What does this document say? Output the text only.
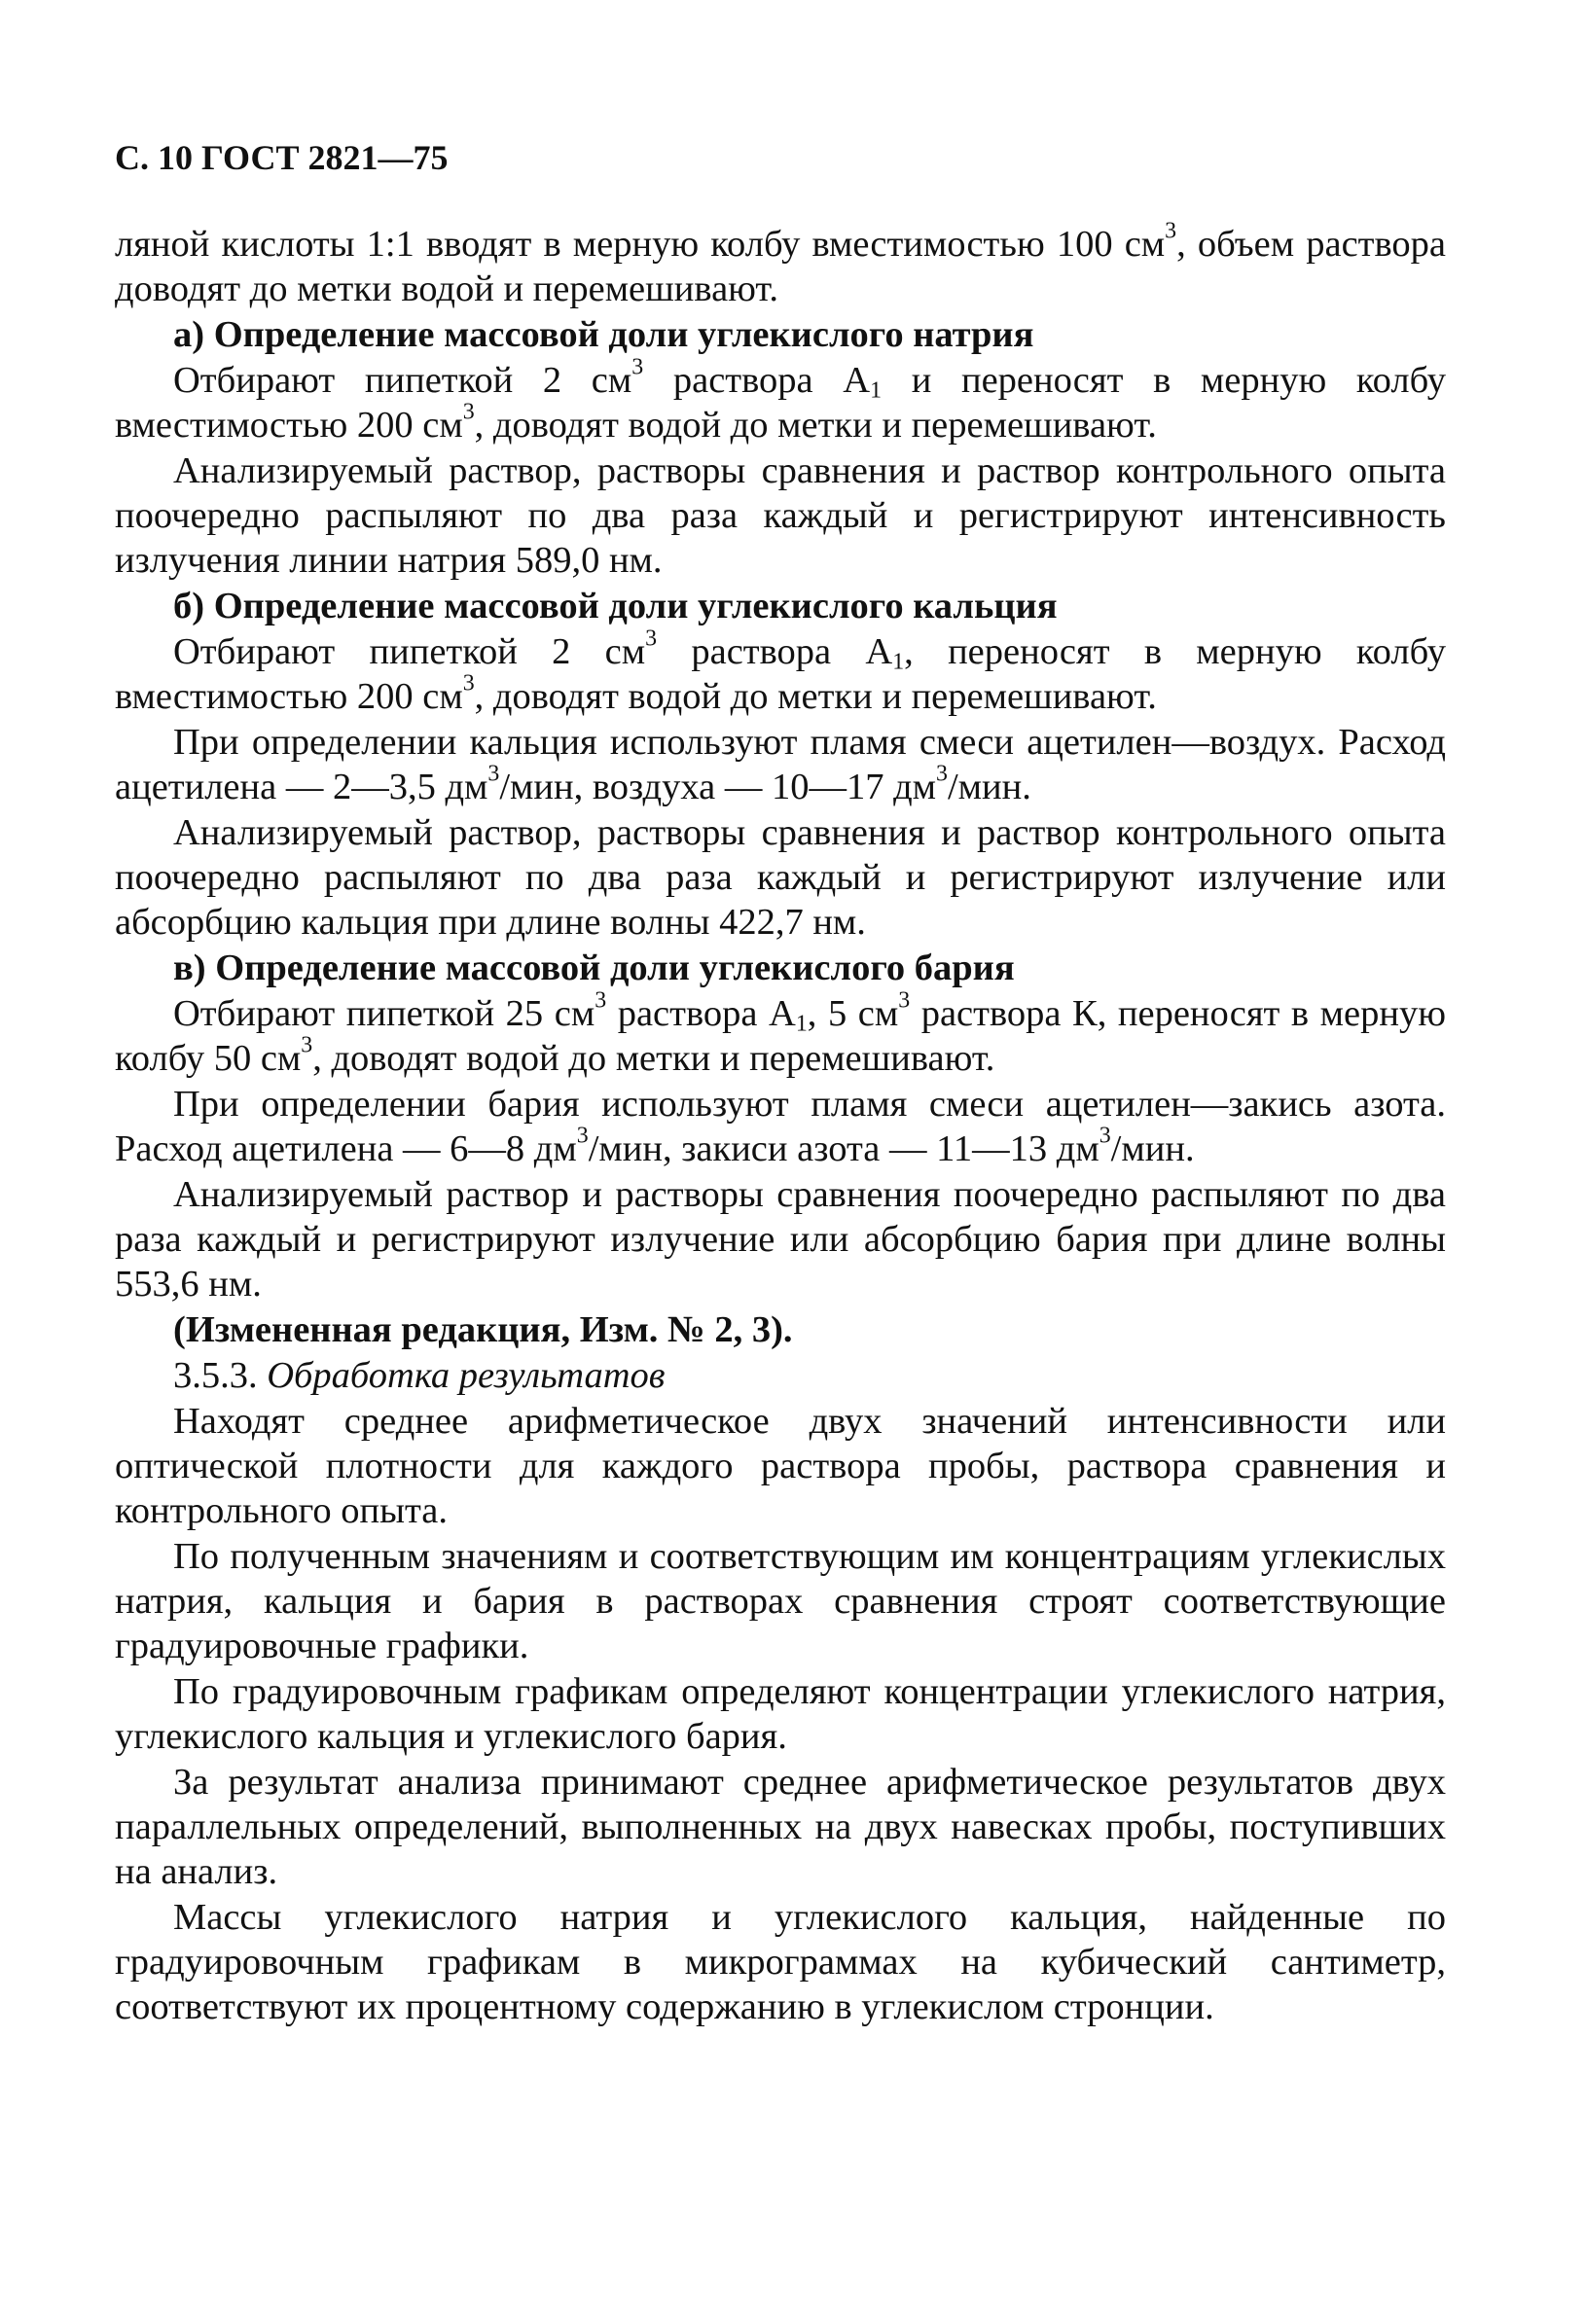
С. 10 ГОСТ 2821—75

ляной кислоты 1:1 вводят в мерную колбу вместимостью 100 $см^3$, объем раствора доводят до метки водой и перемешивают.

а) Определение массовой доли углекислого натрия

Отбирают пипеткой 2 $см^3$ раствора $А_1$ и переносят в мерную колбу вместимостью 200 $см^3$, доводят водой до метки и перемешивают.

Анализируемый раствор, растворы сравнения и раствор контрольного опыта поочередно распыляют по два раза каждый и регистрируют интенсивность излучения линии натрия 589,0 нм.

б) Определение массовой доли углекислого кальция

Отбирают пипеткой 2 $см^3$ раствора $А_1$, переносят в мерную колбу вместимостью 200 $см^3$, доводят водой до метки и перемешивают.

При определении кальция используют пламя смеси ацетилен—воздух. Расход ацетилена — 2—3,5 $дм^3$/мин, воздуха — 10—17 $дм^3$/мин.

Анализируемый раствор, растворы сравнения и раствор контрольного опыта поочередно распыляют по два раза каждый и регистрируют излучение или абсорбцию кальция при длине волны 422,7 нм.

в) Определение массовой доли углекислого бария

Отбирают пипеткой 25 $см^3$ раствора $А_1$, 5 $см^3$ раствора К, переносят в мерную колбу 50 $см^3$, доводят водой до метки и перемешивают.

При определении бария используют пламя смеси ацетилен—закись азота. Расход ацетилена — 6—8 $дм^3$/мин, закиси азота — 11—13 $дм^3$/мин.

Анализируемый раствор и растворы сравнения поочередно распыляют по два раза каждый и регистрируют излучение или абсорбцию бария при длине волны 553,6 нм.

(Измененная редакция, Изм. № 2, 3).

3.5.3. Обработка результатов

Находят среднее арифметическое двух значений интенсивности или оптической плотности для каждого раствора пробы, раствора сравнения и контрольного опыта.

По полученным значениям и соответствующим им концентрациям углекислых натрия, кальция и бария в растворах сравнения строят соответствующие градуировочные графики.

По градуировочным графикам определяют концентрации углекислого натрия, углекислого кальция и углекислого бария.

За результат анализа принимают среднее арифметическое результатов двух параллельных определений, выполненных на двух навесках пробы, поступивших на анализ.

Массы углекислого натрия и углекислого кальция, найденные по градуировочным графикам в микрограммах на кубический сантиметр, соответствуют их процентному содержанию в углекислом стронции.
